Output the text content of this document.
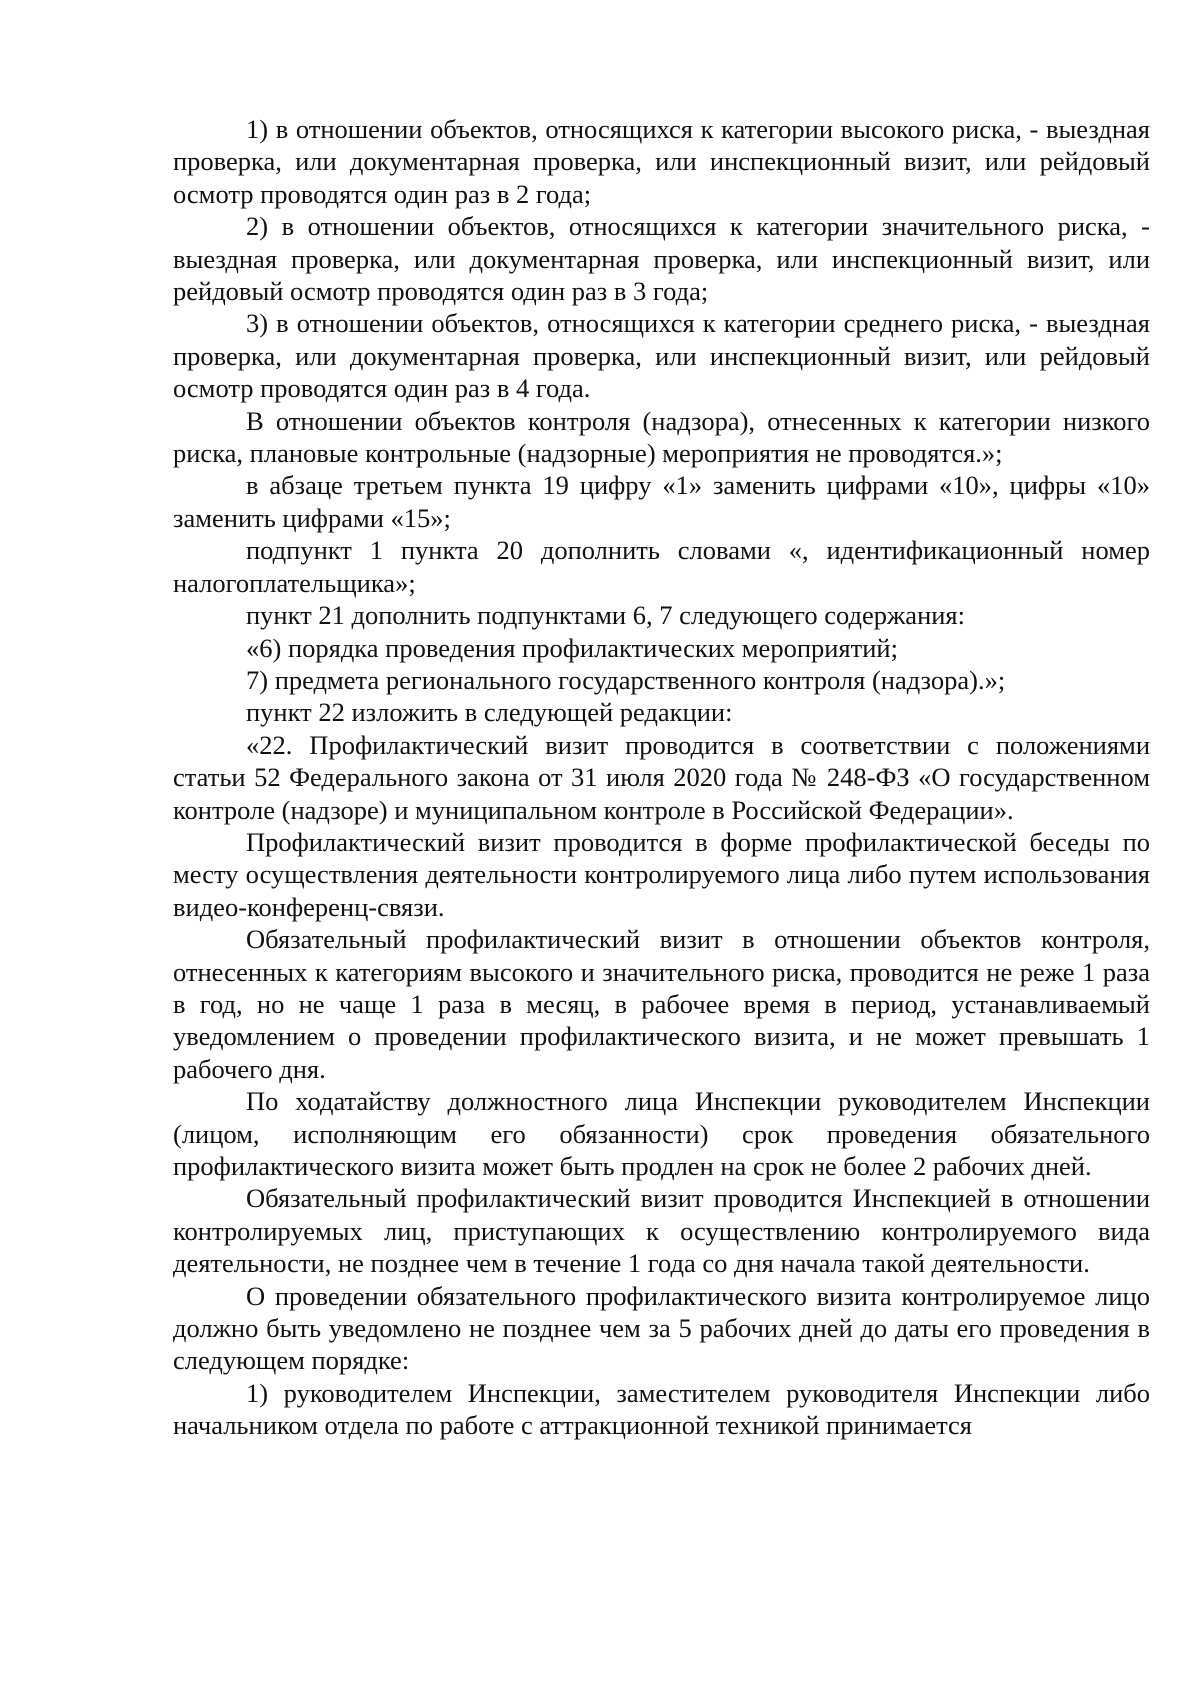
1) в отношении объектов, относящихся к категории высокого риска, - выездная проверка, или документарная проверка, или инспекционный визит, или рейдовый осмотр проводятся один раз в 2 года;

2) в отношении объектов, относящихся к категории значительного риска, - выездная проверка, или документарная проверка, или инспекционный визит, или рейдовый осмотр проводятся один раз в 3 года;

3) в отношении объектов, относящихся к категории среднего риска, - выездная проверка, или документарная проверка, или инспекционный визит, или рейдовый осмотр проводятся один раз в 4 года.

В отношении объектов контроля (надзора), отнесенных к категории низкого риска, плановые контрольные (надзорные) мероприятия не проводятся.»;

в абзаце третьем пункта 19 цифру «1» заменить цифрами «10», цифры «10» заменить цифрами «15»;

подпункт 1 пункта 20 дополнить словами «, идентификационный номер налогоплательщика»;

пункт 21 дополнить подпунктами 6, 7 следующего содержания:

«6) порядка проведения профилактических мероприятий;

7) предмета регионального государственного контроля (надзора).»;

пункт 22 изложить в следующей редакции:

«22. Профилактический визит проводится в соответствии с положениями статьи 52 Федерального закона от 31 июля 2020 года № 248-ФЗ «О государственном контроле (надзоре) и муниципальном контроле в Российской Федерации».

Профилактический визит проводится в форме профилактической беседы по месту осуществления деятельности контролируемого лица либо путем использования видео-конференц-связи.

Обязательный профилактический визит в отношении объектов контроля, отнесенных к категориям высокого и значительного риска, проводится не реже 1 раза в год, но не чаще 1 раза в месяц, в рабочее время в период, устанавливаемый уведомлением о проведении профилактического визита, и не может превышать 1 рабочего дня.

По ходатайству должностного лица Инспекции руководителем Инспекции (лицом, исполняющим его обязанности) срок проведения обязательного профилактического визита может быть продлен на срок не более 2 рабочих дней.

Обязательный профилактический визит проводится Инспекцией в отношении контролируемых лиц, приступающих к осуществлению контролируемого вида деятельности, не позднее чем в течение 1 года со дня начала такой деятельности.

О проведении обязательного профилактического визита контролируемое лицо должно быть уведомлено не позднее чем за 5 рабочих дней до даты его проведения в следующем порядке:

1) руководителем Инспекции, заместителем руководителя Инспекции либо начальником отдела по работе с аттракционной техникой принимается
